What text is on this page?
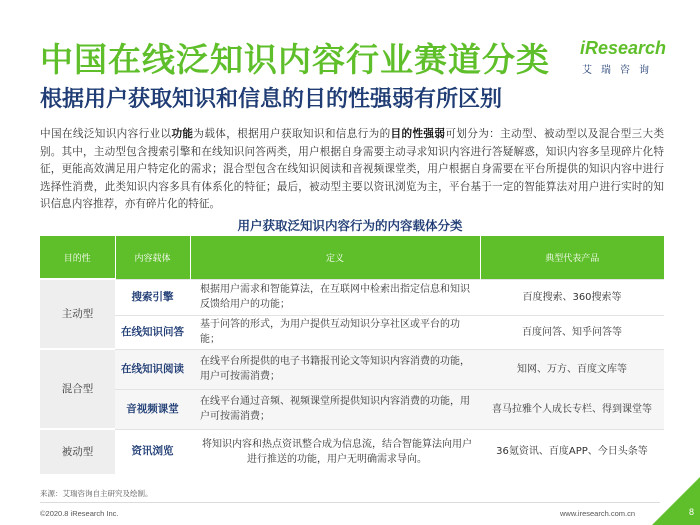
中国在线泛知识内容行业赛道分类
根据用户获取知识和信息的目的性强弱有所区别
iResearch
艾瑞咨询
中国在线泛知识内容行业以功能为载体，根据用户获取知识和信息行为的目的性强弱可划分为：主动型、被动型以及混合型三大类别。其中，主动型包含搜索引擎和在线知识问答两类，用户根据自身需要主动寻求知识内容进行答疑解惑，知识内容多呈现碎片化特征，更能高效满足用户特定化的需求；混合型包含在线知识阅读和音视频课堂类，用户根据自身需要在平台所提供的知识内容中进行选择性消费，此类知识内容多具有体系化的特征；最后，被动型主要以资讯浏览为主，平台基于一定的智能算法对用户进行实时的知识信息内容推荐，亦有碎片化的特征。
用户获取泛知识内容行为的内容载体分类
目的性	内容载体	定义	典型代表产品
主动型	搜索引擎	根据用户需求和智能算法，在互联网中检索出指定信息和知识反馈给用户的功能；	百度搜索、360搜索等
	在线知识问答	基于问答的形式，为用户提供互动知识分享社区或平台的功能；	百度问答、知乎问答等
混合型	在线知识阅读	在线平台所提供的电子书籍报刊论文等知识内容消费的功能，用户可按需消费；	知网、万方、百度文库等
	音视频课堂	在线平台通过音频、视频课堂所提供知识内容消费的功能，用户可按需消费；	喜马拉雅个人成长专栏、得到课堂等
被动型	资讯浏览	将知识内容和热点资讯整合成为信息流，结合智能算法向用户进行推送的功能，用户无明确需求导向。	36氪资讯、百度APP、今日头条等
来源：艾瑞咨询自主研究及绘制。
©2020.8 iResearch Inc.	www.iresearch.com.cn	8
